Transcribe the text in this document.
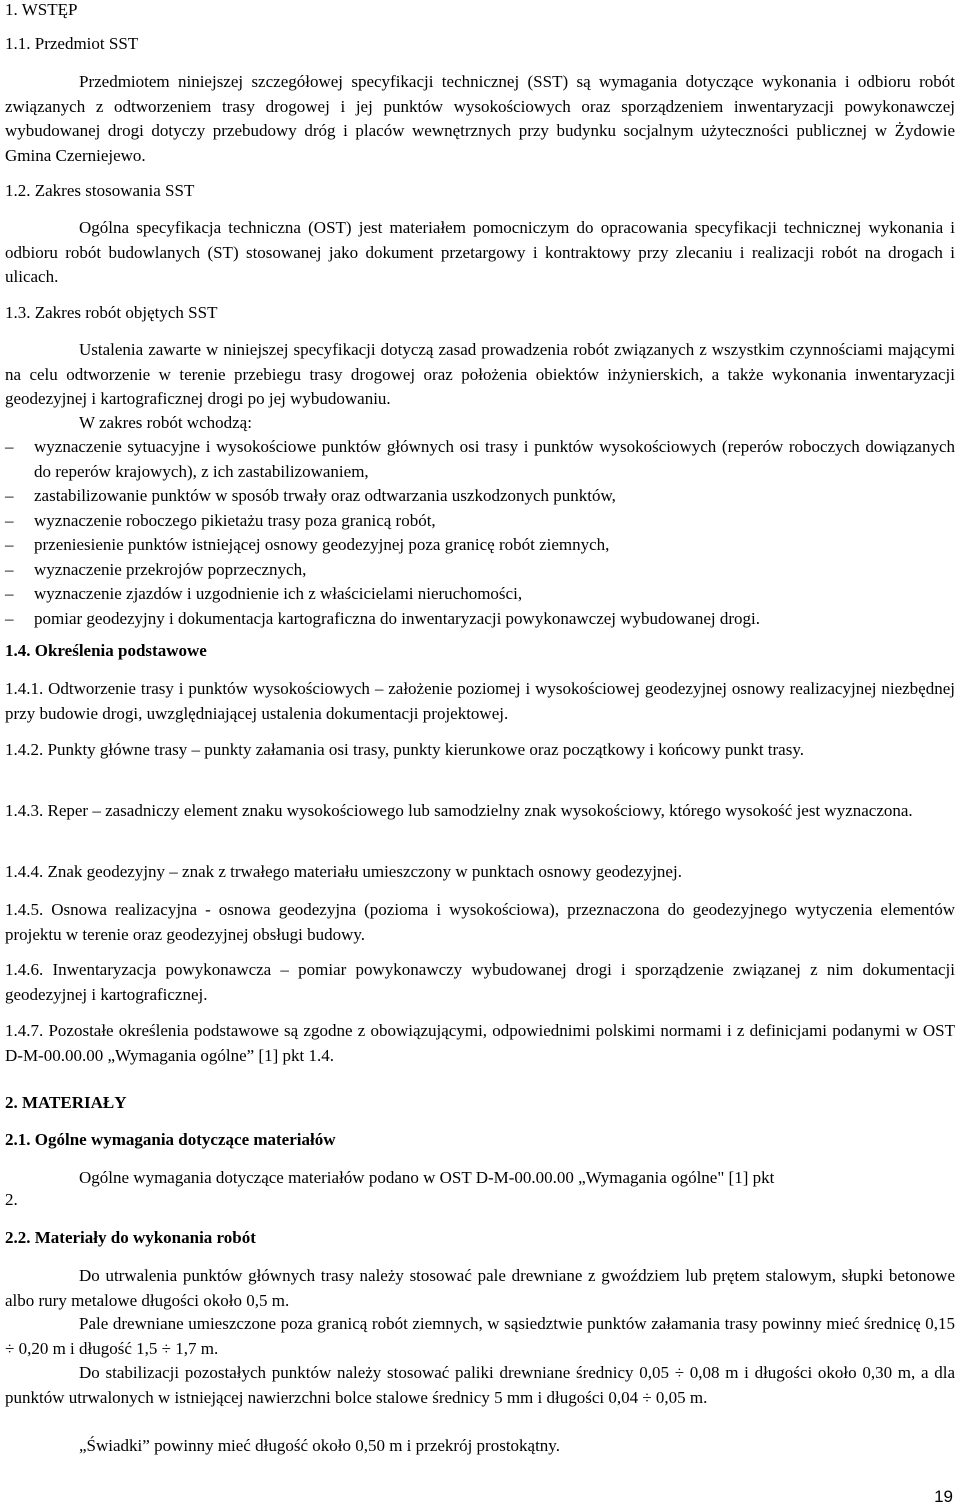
1. WSTĘP
1.1. Przedmiot SST

Przedmiotem niniejszej szczegółowej specyfikacji technicznej (SST) są wymagania dotyczące wykonania i odbioru robót związanych z odtworzeniem trasy drogowej i jej punktów wysokościowych oraz sporządzeniem inwentaryzacji powykonawczej wybudowanej drogi dotyczy przebudowy dróg i placów wewnętrznych przy budynku socjalnym użyteczności publicznej w Żydowie Gmina Czerniejewo.

1.2. Zakres stosowania SST

Ogólna specyfikacja techniczna (OST) jest materiałem pomocniczym do opracowania specyfikacji technicznej wykonania i odbioru robót budowlanych (ST) stosowanej jako dokument przetargowy i kontraktowy przy zlecaniu i realizacji robót na drogach i ulicach.

1.3. Zakres robót objętych SST

Ustalenia zawarte w niniejszej specyfikacji dotyczą zasad prowadzenia robót związanych z wszystkim czynnościami mającymi na celu odtworzenie w terenie przebiegu trasy drogowej oraz położenia obiektów inżynierskich, a także wykonania inwentaryzacji geodezyjnej i kartograficznej drogi po jej wybudowaniu.

W zakres robót wchodzą:

– wyznaczenie sytuacyjne i wysokościowe punktów głównych osi trasy i punktów wysokościowych (reperów roboczych dowiązanych do reperów krajowych), z ich zastabilizowaniem,
– zastabilizowanie punktów w sposób trwały oraz odtwarzania uszkodzonych punktów,
– wyznaczenie roboczego pikietażu trasy poza granicą robót,
– przeniesienie punktów istniejącej osnowy geodezyjnej poza granicę robót ziemnych,
– wyznaczenie przekrojów poprzecznych,
– wyznaczenie zjazdów i uzgodnienie ich z właścicielami nieruchomości,
– pomiar geodezyjny i dokumentacja kartograficzna do inwentaryzacji powykonawczej wybudowanej drogi.
1.4. Określenia podstawowe

1.4.1. Odtworzenie trasy i punktów wysokościowych – założenie poziomej i wysokościowej geodezyjnej osnowy realizacyjnej niezbędnej przy budowie drogi, uwzględniającej ustalenia dokumentacji projektowej.

1.4.2. Punkty główne trasy – punkty załamania osi trasy, punkty kierunkowe oraz początkowy i końcowy punkt trasy.

1.4.3. Reper – zasadniczy element znaku wysokościowego lub samodzielny znak wysokościowy, którego wysokość jest wyznaczona.

1.4.4. Znak geodezyjny – znak z trwałego materiału umieszczony w punktach osnowy geodezyjnej.

1.4.5. Osnowa realizacyjna - osnowa geodezyjna (pozioma i wysokościowa), przeznaczona do geodezyjnego wytyczenia elementów projektu w terenie oraz geodezyjnej obsługi budowy.

1.4.6. Inwentaryzacja powykonawcza – pomiar powykonawczy wybudowanej drogi i sporządzenie związanej z nim dokumentacji geodezyjnej i kartograficznej.

1.4.7. Pozostałe określenia podstawowe są zgodne z obowiązującymi, odpowiednimi polskimi normami i z definicjami podanymi w OST D-M-00.00.00 „Wymagania ogólne” [1] pkt 1.4.

2. MATERIAŁY
2.1. Ogólne wymagania dotyczące materiałów

Ogólne wymagania dotyczące materiałów podano w OST D-M-00.00.00 „Wymagania ogólne" [1] pkt

2.
2.2. Materiały do wykonania robót

Do utrwalenia punktów głównych trasy należy stosować pale drewniane z gwoździem lub prętem stalowym, słupki betonowe albo rury metalowe długości około 0,5 m.

Pale drewniane umieszczone poza granicą robót ziemnych, w sąsiedztwie punktów załamania trasy powinny mieć średnicę 0,15 ÷ 0,20 m i długość 1,5 ÷ 1,7 m.

Do stabilizacji pozostałych punktów należy stosować paliki drewniane średnicy 0,05 ÷ 0,08 m i długości około 0,30 m, a dla punktów utrwalonych w istniejącej nawierzchni bolce stalowe średnicy 5 mm i długości 0,04 ÷ 0,05 m.

„Świadki” powinny mieć długość około 0,50 m i przekrój prostokątny.

19
